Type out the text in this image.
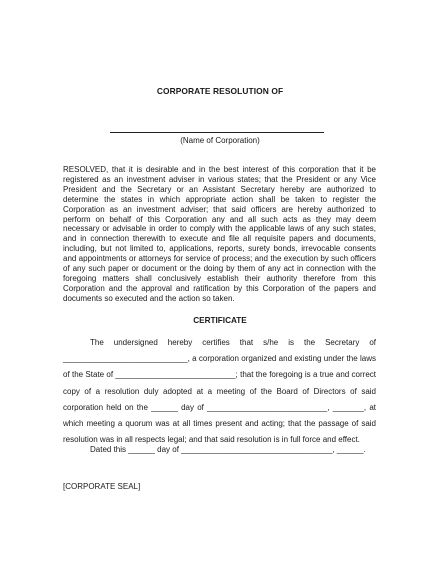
CORPORATE RESOLUTION OF
(Name of Corporation)

RESOLVED, that it is desirable and in the best interest of this corporation that it be registered as an investment adviser in various states; that the President or any Vice President and the Secretary or an Assistant Secretary hereby are authorized to determine the states in which appropriate action shall be taken to register the Corporation as an investment adviser; that said officers are hereby authorized to perform on behalf of this Corporation any and all such acts as they may deem necessary or advisable in order to comply with the applicable laws of any such states, and in connection therewith to execute and file all requisite papers and documents, including, but not limited to, applications, reports, surety bonds, irrevocable consents and appointments or attorneys for service of process; and the execution by such officers of any such paper or document or the doing by them of any act in connection with the foregoing matters shall conclusively establish their authority therefore from this Corporation and the approval and ratification by this Corporation of the papers and documents so executed and the action so taken.

CERTIFICATE

The undersigned hereby certifies that s/he is the Secretary of ____________________________, a corporation organized and existing under the laws of the State of ___________________________; that the foregoing is a true and correct copy of a resolution duly adopted at a meeting of the Board of Directors of said corporation held on the ______ day of ___________________________, _______, at which meeting a quorum was at all times present and acting; that the passage of said resolution was in all respects legal; and that said resolution is in full force and effect.

Dated this ______ day of __________________________________, ______.
[CORPORATE SEAL]
